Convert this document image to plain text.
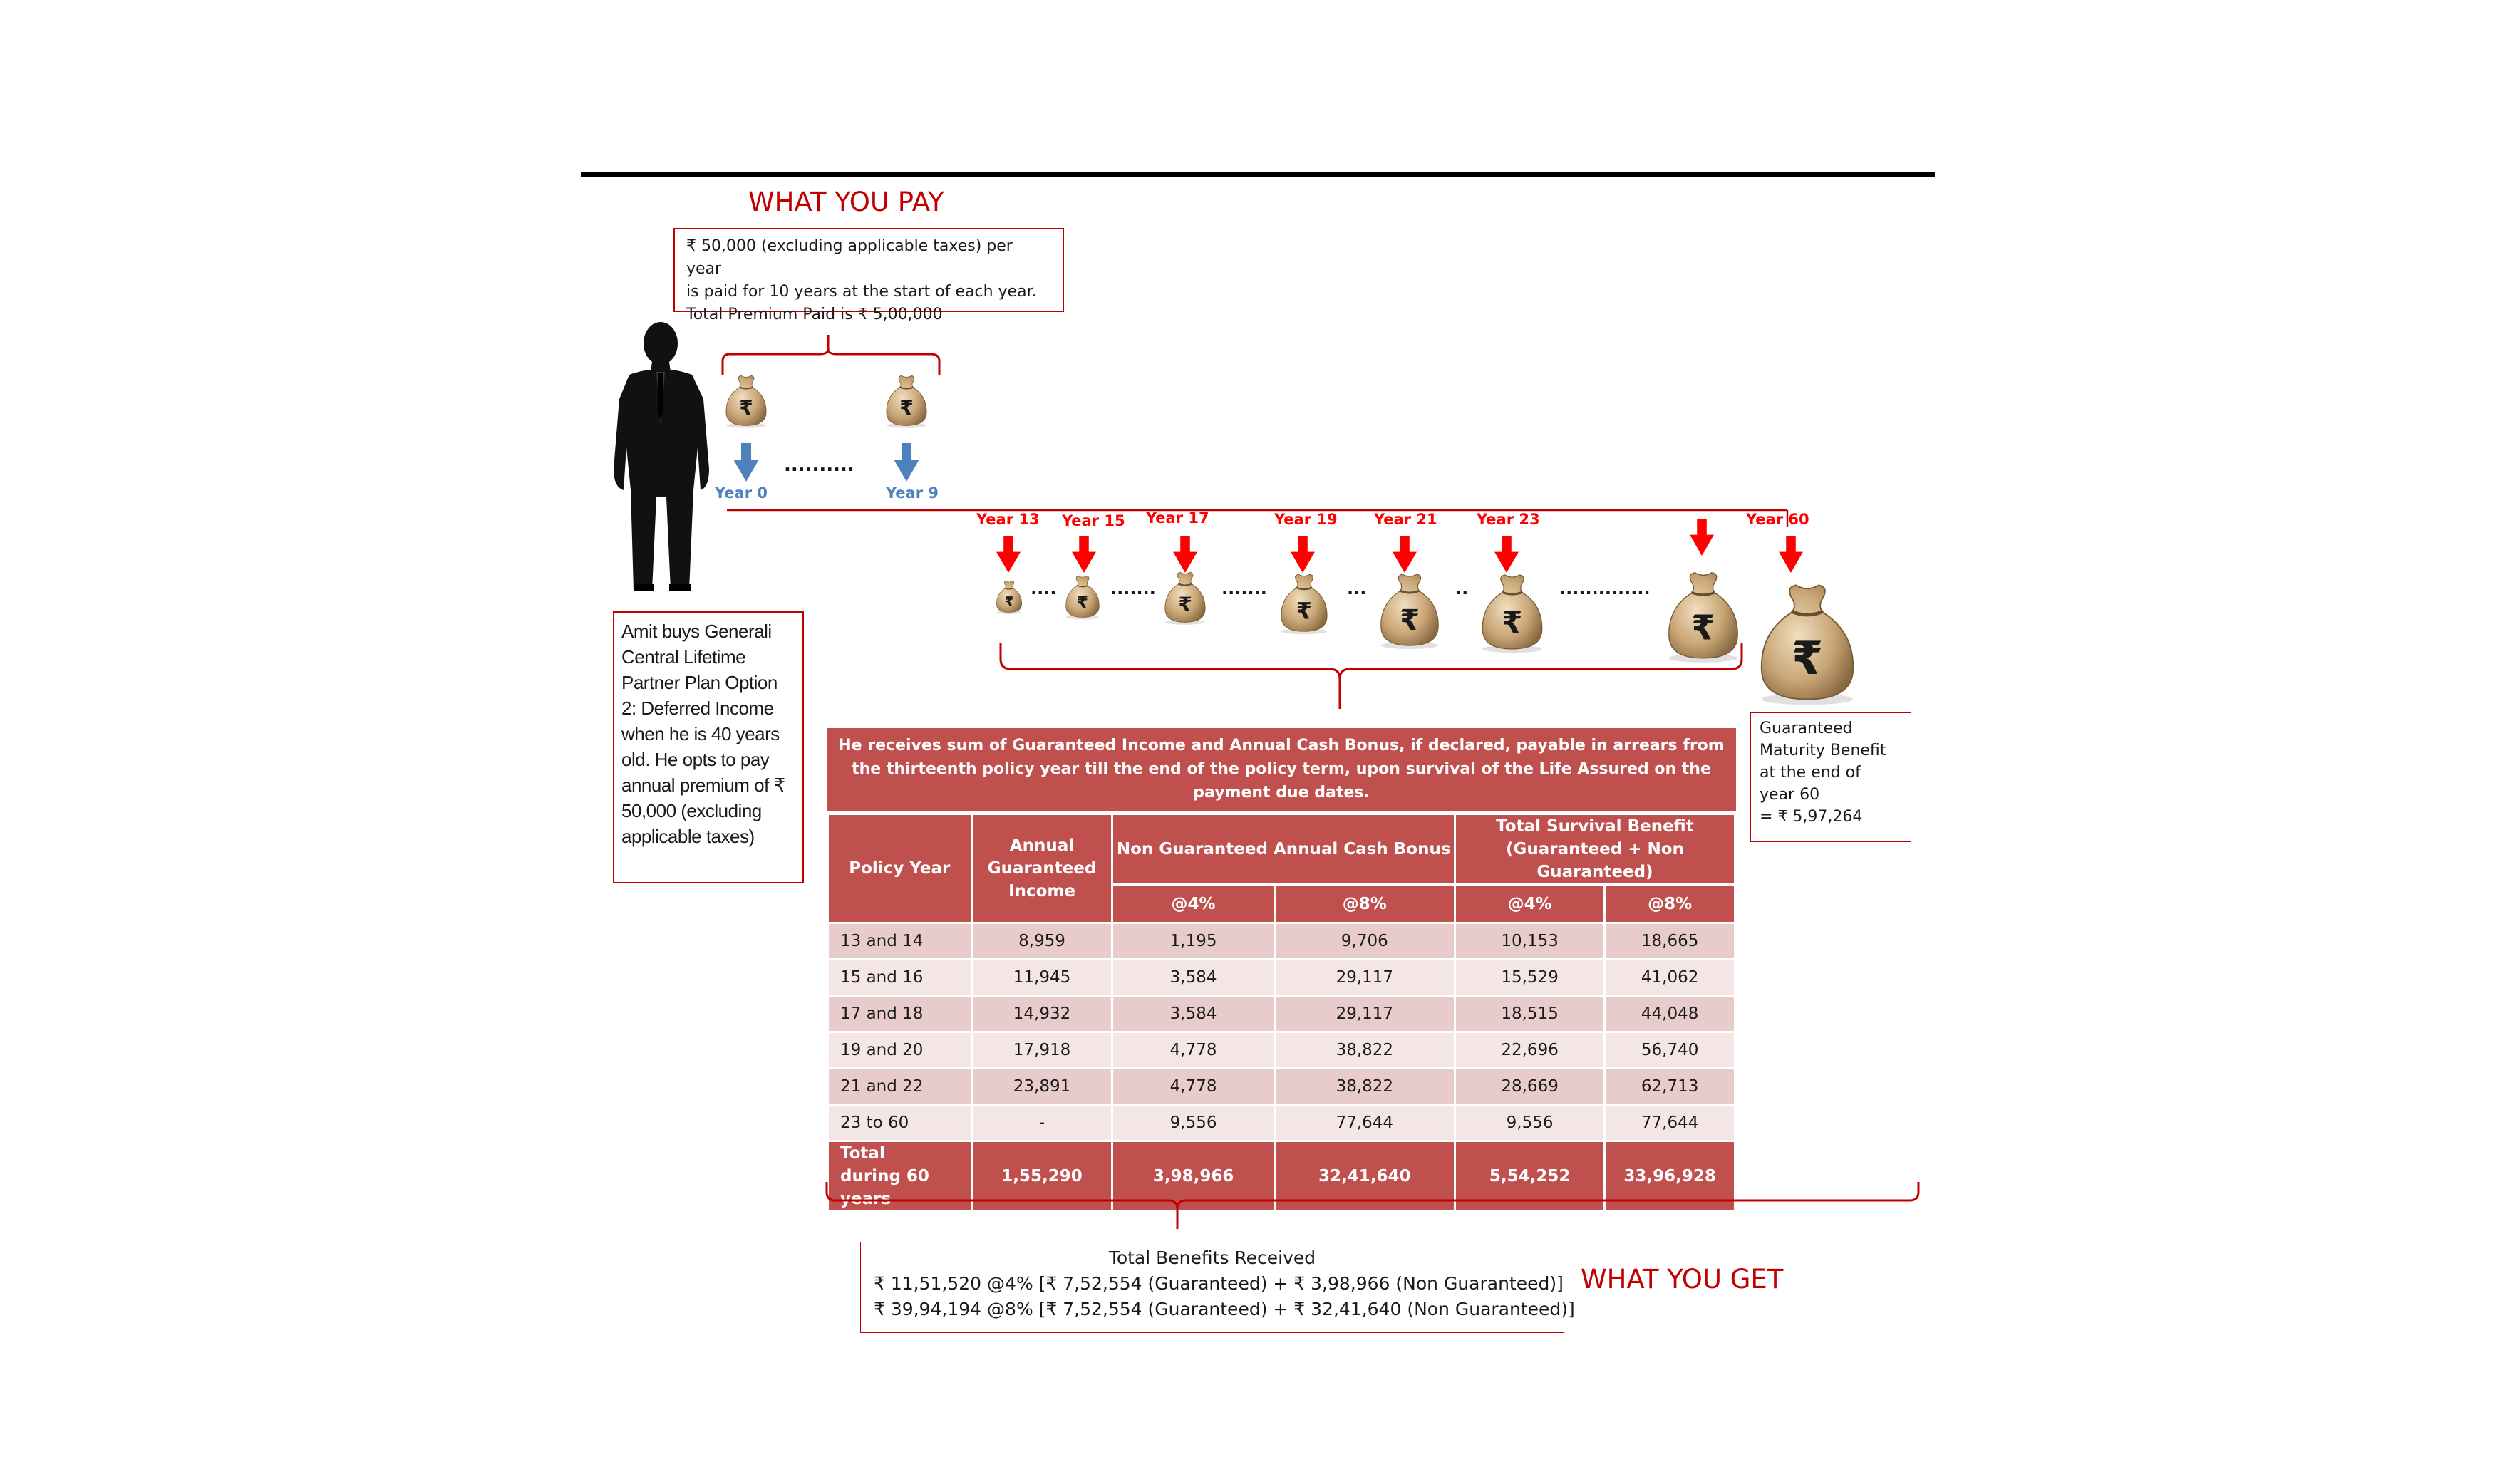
WHAT YOU PAY
₹ 50,000 (excluding applicable taxes) per year
is paid for 10 years at the start of each year.
Total Premium Paid is ₹ 5,00,000
..........
Year 0	Year 9
Amit buys Generali Central Lifetime Partner Plan Option 2: Deferred Income when he is 40 years old. He opts to pay annual premium of ₹ 50,000 (excluding applicable taxes)
Year 13 Year 15 Year 17	Year 19 Year 21	Year 23	Year 60
....	.......	.......	...	..	..............
Guaranteed
Maturity Benefit
at the end of
year 60
= ₹ 5,97,264
He receives sum of Guaranteed Income and Annual Cash Bonus, if declared, payable in arrears from the thirteenth policy year till the end of the policy term, upon survival of the Life Assured on the payment due dates.
Policy Year	Annual Guaranteed Income	Non Guaranteed Annual Cash Bonus		Total Survival Benefit (Guaranteed + Non Guaranteed)	
		@4%	@8%	@4%	@8%
13 and 14	8,959	1,195	9,706	10,153	18,665
15 and 16	11,945	3,584	29,117	15,529	41,062
17 and 18	14,932	3,584	29,117	18,515	44,048
19 and 20	17,918	4,778	38,822	22,696	56,740
21 and 22	23,891	4,778	38,822	28,669	62,713
23 to 60	-	9,556	77,644	9,556	77,644
Total during 60 years	1,55,290	3,98,966	32,41,640	5,54,252	33,96,928
Total Benefits Received
₹ 11,51,520 @4% [₹ 7,52,554 (Guaranteed) + ₹ 3,98,966 (Non Guaranteed)]
₹ 39,94,194 @8% [₹ 7,52,554 (Guaranteed) + ₹ 32,41,640 (Non Guaranteed)]
WHAT YOU GET
